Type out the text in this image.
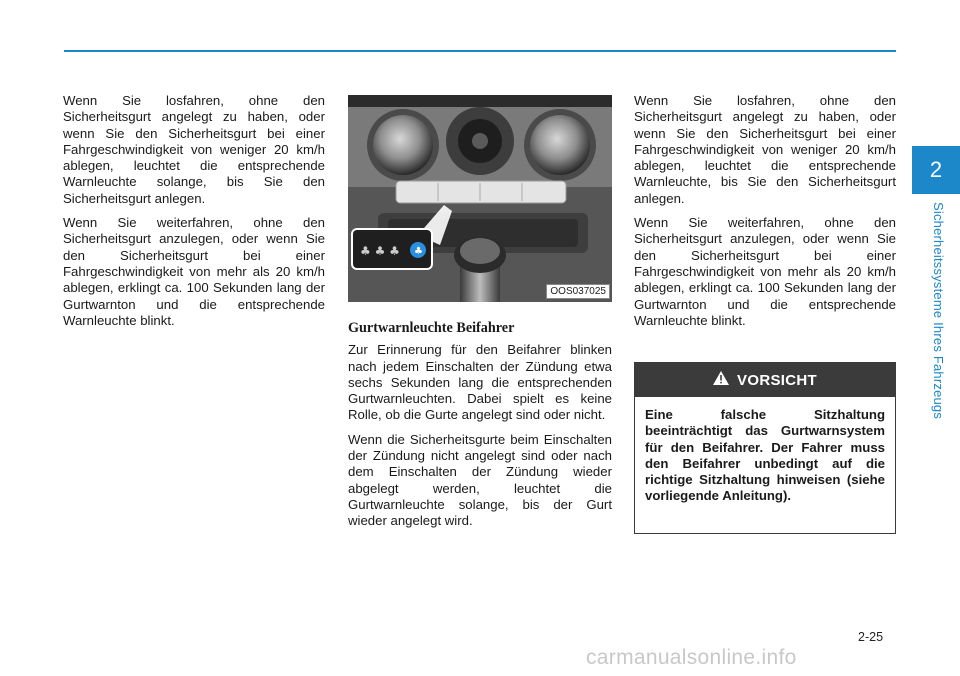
2
Sicherheitssysteme Ihres Fahrzeugs

Wenn Sie losfahren, ohne den Sicherheitsgurt angelegt zu haben, oder wenn Sie den Sicherheitsgurt bei einer Fahrgeschwindigkeit von weniger 20 km/h ablegen, leuchtet die entsprechende Warnleuchte solange, bis Sie den Sicherheitsgurt anlegen.

Wenn Sie weiterfahren, ohne den Sicherheitsgurt anzulegen, oder wenn Sie den Sicherheitsgurt bei einer Fahrgeschwindigkeit von mehr als 20 km/h ablegen, erklingt ca. 100 Sekunden lang der Gurtwarnton und die entsprechende Warnleuchte blinkt.

♣ ♣ ♣ ♣
OOS037025
Gurtwarnleuchte Beifahrer

Zur Erinnerung für den Beifahrer blinken nach jedem Einschalten der Zündung etwa sechs Sekunden lang die entsprechenden Gurtwarnleuchten. Dabei spielt es keine Rolle, ob die Gurte angelegt sind oder nicht.

Wenn die Sicherheitsgurte beim Einschalten der Zündung nicht angelegt sind oder nach dem Einschalten der Zündung wieder abgelegt werden, leuchtet die Gurtwarnleuchte solange, bis der Gurt wieder angelegt wird.

Wenn Sie losfahren, ohne den Sicherheitsgurt angelegt zu haben, oder wenn Sie den Sicherheitsgurt bei einer Fahrgeschwindigkeit von weniger 20 km/h ablegen, leuchtet die entsprechende Warnleuchte, bis Sie den Sicherheitsgurt anlegen.

Wenn Sie weiterfahren, ohne den Sicherheitsgurt anzulegen, oder wenn Sie den Sicherheitsgurt bei einer Fahrgeschwindigkeit von mehr als 20 km/h ablegen, erklingt ca. 100 Sekunden lang der Gurtwarnton und die entsprechende Warnleuchte blinkt.

VORSICHT
Eine falsche Sitzhaltung beeinträchtigt das Gurtwarnsystem für den Beifahrer. Der Fahrer muss den Beifahrer unbedingt auf die richtige Sitzhaltung hinweisen (siehe vorliegende Anleitung).
2-25
carmanualsonline.info
